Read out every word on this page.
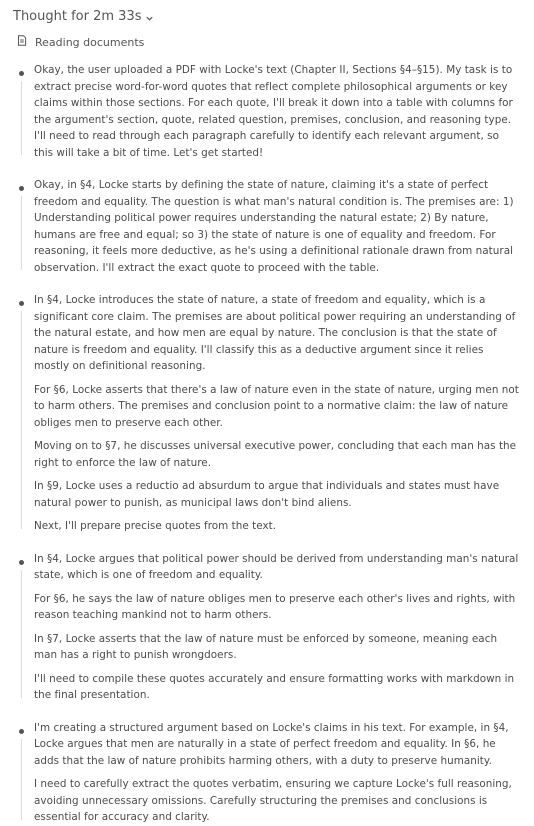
Thought for 2m 33s
Reading documents

Okay, the user uploaded a PDF with Locke's text (Chapter II, Sections §4–§15). My task is to extract precise word-for-word quotes that reflect complete philosophical arguments or key claims within those sections. For each quote, I'll break it down into a table with columns for the argument's section, quote, related question, premises, conclusion, and reasoning type. I'll need to read through each paragraph carefully to identify each relevant argument, so this will take a bit of time. Let's get started!

Okay, in §4, Locke starts by defining the state of nature, claiming it's a state of perfect freedom and equality. The question is what man's natural condition is. The premises are: 1) Understanding political power requires understanding the natural estate; 2) By nature, humans are free and equal; so 3) the state of nature is one of equality and freedom. For reasoning, it feels more deductive, as he's using a definitional rationale drawn from natural observation. I'll extract the exact quote to proceed with the table.

In §4, Locke introduces the state of nature, a state of freedom and equality, which is a significant core claim. The premises are about political power requiring an understanding of the natural estate, and how men are equal by nature. The conclusion is that the state of nature is freedom and equality. I'll classify this as a deductive argument since it relies mostly on definitional reasoning.

For §6, Locke asserts that there's a law of nature even in the state of nature, urging men not to harm others. The premises and conclusion point to a normative claim: the law of nature obliges men to preserve each other.

Moving on to §7, he discusses universal executive power, concluding that each man has the right to enforce the law of nature.

In §9, Locke uses a reductio ad absurdum to argue that individuals and states must have natural power to punish, as municipal laws don't bind aliens.

Next, I'll prepare precise quotes from the text.

In §4, Locke argues that political power should be derived from understanding man's natural state, which is one of freedom and equality.

For §6, he says the law of nature obliges men to preserve each other's lives and rights, with reason teaching mankind not to harm others.

In §7, Locke asserts that the law of nature must be enforced by someone, meaning each man has a right to punish wrongdoers.

I'll need to compile these quotes accurately and ensure formatting works with markdown in the final presentation.

I'm creating a structured argument based on Locke's claims in his text. For example, in §4, Locke argues that men are naturally in a state of perfect freedom and equality. In §6, he adds that the law of nature prohibits harming others, with a duty to preserve humanity.

I need to carefully extract the quotes verbatim, ensuring we capture Locke's full reasoning, avoiding unnecessary omissions. Carefully structuring the premises and conclusions is essential for accuracy and clarity.
